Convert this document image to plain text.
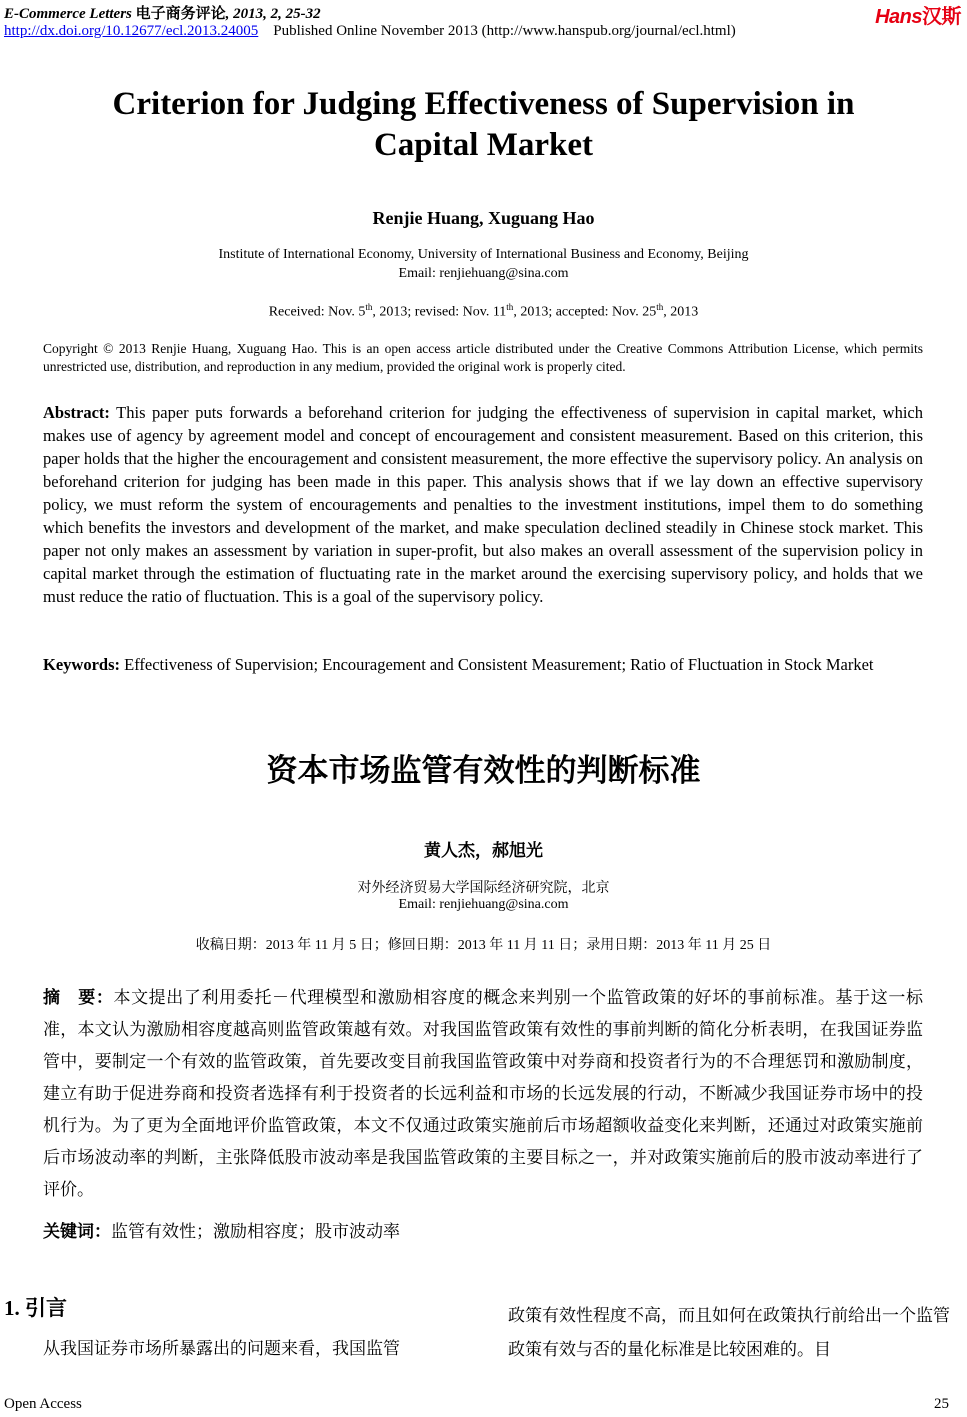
E-Commerce Letters 电子商务评论, 2013, 2, 25-32
http://dx.doi.org/10.12677/ecl.2013.24005 Published Online November 2013 (http://www.hanspub.org/journal/ecl.html)
Hans汉斯
Criterion for Judging Effectiveness of Supervision in
Capital Market
Renjie Huang, Xuguang Hao
Institute of International Economy, University of International Business and Economy, Beijing
Email: renjiehuang@sina.com
Received: Nov. 5th, 2013; revised: Nov. 11th, 2013; accepted: Nov. 25th, 2013
Copyright © 2013 Renjie Huang, Xuguang Hao. This is an open access article distributed under the Creative Commons Attribution License, which permits unrestricted use, distribution, and reproduction in any medium, provided the original work is properly cited.
Abstract: This paper puts forwards a beforehand criterion for judging the effectiveness of supervision in capital market, which makes use of agency by agreement model and concept of encouragement and consistent measurement. Based on this criterion, this paper holds that the higher the encouragement and consistent measurement, the more effective the supervisory policy. An analysis on beforehand criterion for judging has been made in this paper. This analysis shows that if we lay down an effective supervisory policy, we must reform the system of encouragements and penalties to the investment institutions, impel them to do something which benefits the investors and development of the market, and make speculation declined steadily in Chinese stock market. This paper not only makes an assessment by variation in super-profit, but also makes an overall assessment of the supervision policy in capital market through the estimation of fluctuating rate in the market around the exercising supervisory policy, and holds that we must reduce the ratio of fluctuation. This is a goal of the supervisory policy.
Keywords: Effectiveness of Supervision; Encouragement and Consistent Measurement; Ratio of Fluctuation in Stock Market
资本市场监管有效性的判断标准
黄人杰，郝旭光
对外经济贸易大学国际经济研究院，北京
Email: renjiehuang@sina.com
收稿日期：2013 年 11 月 5 日；修回日期：2013 年 11 月 11 日；录用日期：2013 年 11 月 25 日
摘　要：本文提出了利用委托－代理模型和激励相容度的概念来判别一个监管政策的好坏的事前标准。基于这一标准，本文认为激励相容度越高则监管政策越有效。对我国监管政策有效性的事前判断的简化分析表明，在我国证券监管中，要制定一个有效的监管政策，首先要改变目前我国监管政策中对券商和投资者行为的不合理惩罚和激励制度，建立有助于促进券商和投资者选择有利于投资者的长远利益和市场的长远发展的行动，不断减少我国证券市场中的投机行为。为了更为全面地评价监管政策，本文不仅通过政策实施前后市场超额收益变化来判断，还通过对政策实施前后市场波动率的判断，主张降低股市波动率是我国监管政策的主要目标之一，并对政策实施前后的股市波动率进行了评价。
关键词：监管有效性；激励相容度；股市波动率
1. 引言
从我国证券市场所暴露出的问题来看，我国监管
政策有效性程度不高，而且如何在政策执行前给出一个监管政策有效与否的量化标准是比较困难的。目
Open Access	25
